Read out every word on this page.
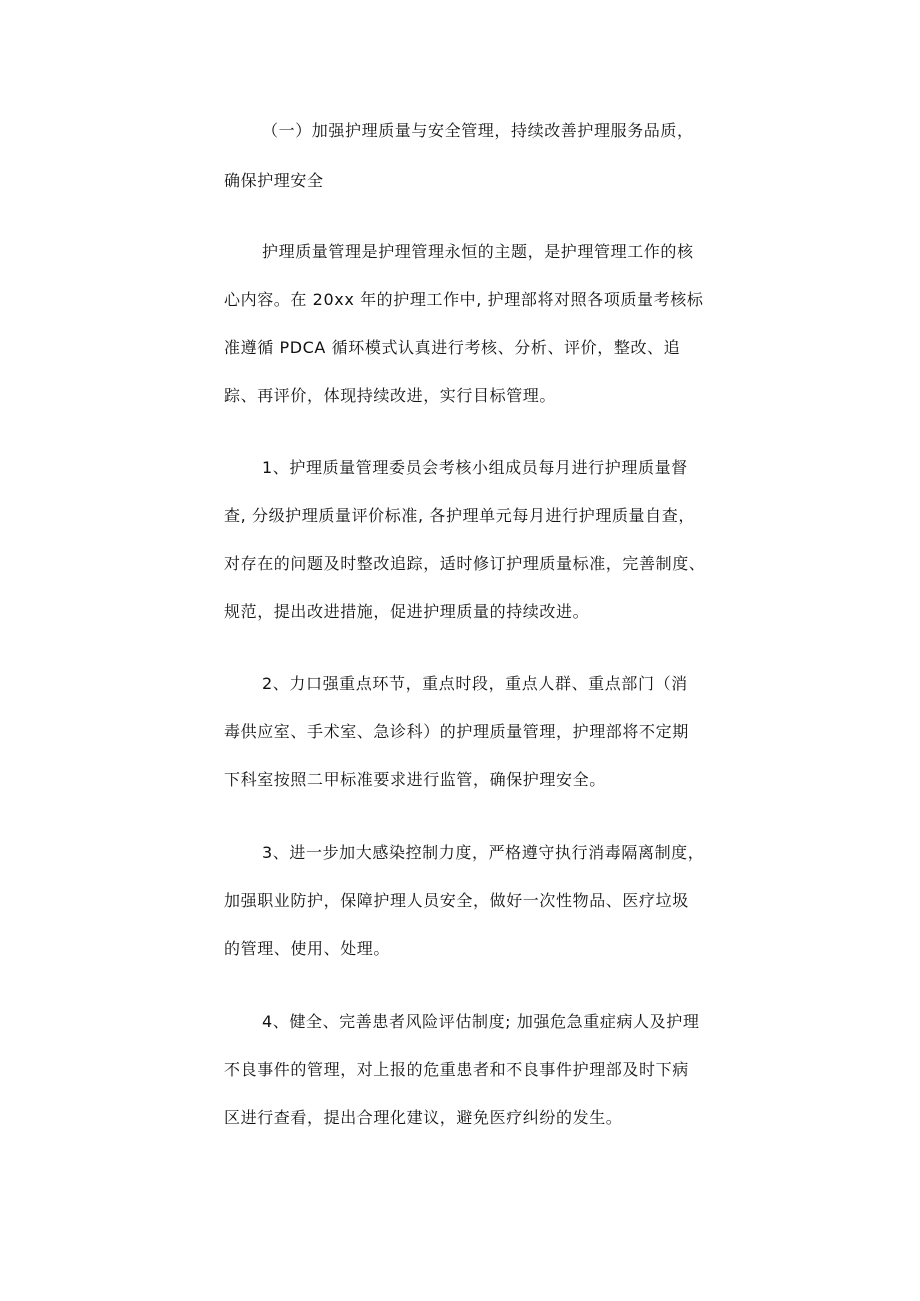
（一）加强护理质量与安全管理，持续改善护理服务品质，
确保护理安全
护理质量管理是护理管理永恒的主题，是护理管理工作的核
心内容。在 20xx 年的护理工作中, 护理部将对照各项质量考核标
准遵循 PDCA 循环模式认真进行考核、分析、评价，整改、追
踪、再评价，体现持续改进，实行目标管理。
1、护理质量管理委员会考核小组成员每月进行护理质量督
查, 分级护理质量评价标准, 各护理单元每月进行护理质量自查，
对存在的问题及时整改追踪，适时修订护理质量标准，完善制度、
规范，提出改进措施，促进护理质量的持续改进。
2、力口强重点环节，重点时段，重点人群、重点部门（消
毒供应室、手术室、急诊科）的护理质量管理，护理部将不定期
下科室按照二甲标准要求进行监管，确保护理安全。
3、进一步加大感染控制力度，严格遵守执行消毒隔离制度，
加强职业防护，保障护理人员安全，做好一次性物品、医疗垃圾
的管理、使用、处理。
4、健全、完善患者风险评估制度; 加强危急重症病人及护理
不良事件的管理，对上报的危重患者和不良事件护理部及时下病
区进行查看，提出合理化建议，避免医疗纠纷的发生。
